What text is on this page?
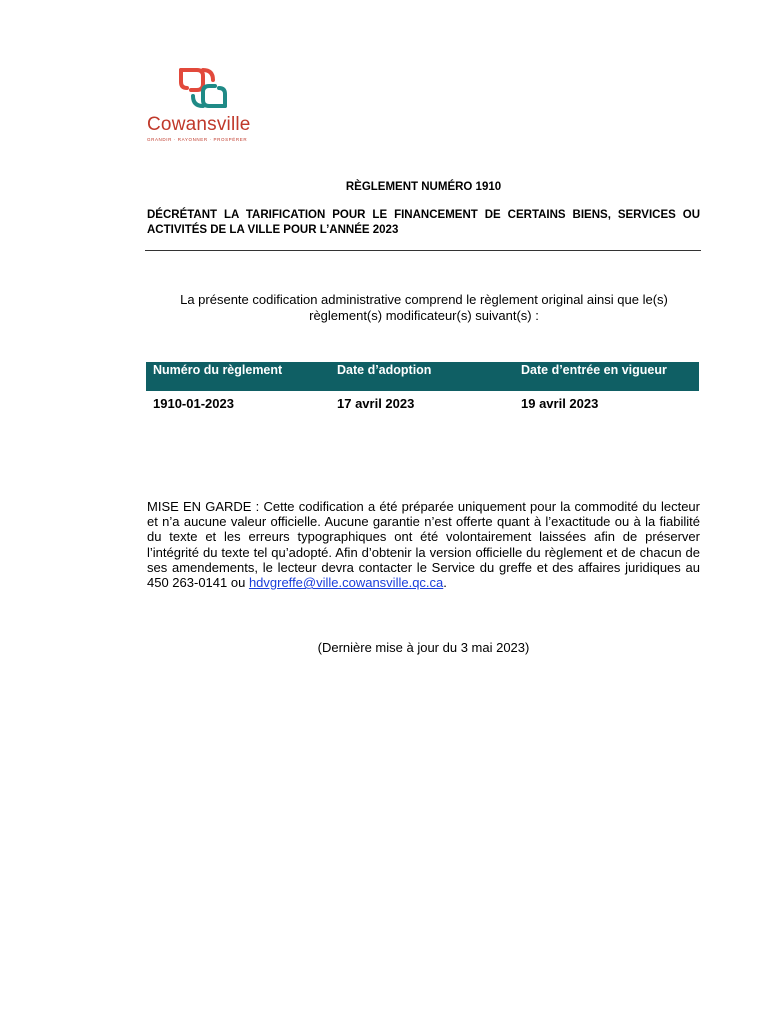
Cowansville
GRANDIR · RAYONNER · PROSPÉRER
RÈGLEMENT NUMÉRO 1910
DÉCRÉTANT LA TARIFICATION POUR LE FINANCEMENT DE CERTAINS BIENS, SERVICES OU ACTIVITÉS DE LA VILLE POUR L’ANNÉE 2023
La présente codification administrative comprend le règlement original ainsi que le(s) règlement(s) modificateur(s) suivant(s) :
Numéro du règlement	Date d’adoption	Date d’entrée en vigueur
1910-01-2023	17 avril 2023	19 avril 2023
MISE EN GARDE : Cette codification a été préparée uniquement pour la commodité du lecteur et n’a aucune valeur officielle. Aucune garantie n’est offerte quant à l’exactitude ou à la fiabilité du texte et les erreurs typographiques ont été volontairement laissées afin de préserver l’intégrité du texte tel qu’adopté. Afin d’obtenir la version officielle du règlement et de chacun de ses amendements, le lecteur devra contacter le Service du greffe et des affaires juridiques au 450 263-0141 ou hdvgreffe@ville.cowansville.qc.ca.
(Dernière mise à jour du 3 mai 2023)
